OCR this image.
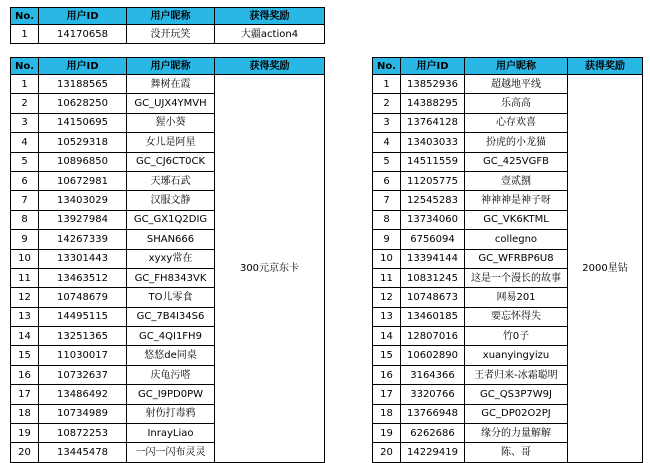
No.	用户ID	用户昵称	获得奖励
1	14170658	没开玩笑	大疆action4
No.	用户ID	用户昵称	获得奖励
1	13188565	舞树在霞	300元京东卡
2	10628250	GC_UJX4YMVH	
3	14150695	猩小葵	
4	10529318	女儿是阿星	
5	10896850	GC_CJ6CT0CK	
6	10672981	天琊石武	
7	13403029	汉服文静	
8	13927984	GC_GX1Q2DIG	
9	14267339	SHAN666	
10	13301443	xyxy常在	
11	13463512	GC_FH8343VK	
12	10748679	TO儿零食	
13	14495115	GC_7B4I34S6	
14	13251365	GC_4QI1FH9	
15	11030017	悠悠de同桌	
16	10732637	庆龟污嗒	
17	13486492	GC_I9PD0PW	
18	10734989	射伤打毒鸦	
19	10872253	InrayLiao	
20	13445478	一闪一闪布灵灵	
No.	用户ID	用户昵称	获得奖励
1	13852936	超越地平线	2000星钻
2	14388295	乐高高	
3	13764128	心存欢喜	
4	13403033	扮虎的小龙猫	
5	14511559	GC_425VGFB	
6	11205775	壹贰捌	
7	12545283	神神神是神子呀	
8	13734060	GC_VK6KTML	
9	6756094	collegno	
10	13394144	GC_WFRBP6U8	
11	10831245	这是一个漫长的故事	
12	10748673	网易201	
13	13460185	要忘怀得失	
14	12807016	竹0子	
15	10602890	xuanyingyizu	
16	3164366	王者归来-冰霜聪明	
17	3320766	GC_QS3P7W9J	
18	13766948	GC_DP02O2PJ	
19	6262686	缘分的力量解解	
20	14229419	陈、哥	
